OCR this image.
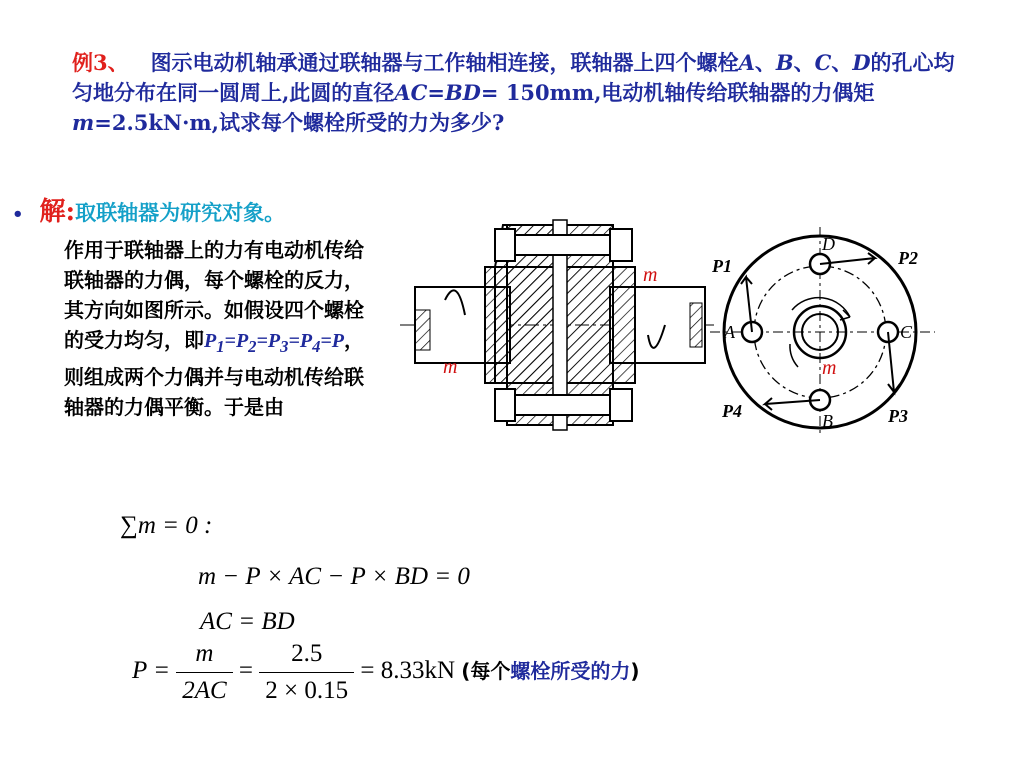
例3、 图示电动机轴承通过联轴器与工作轴相连接，联轴器上四个螺栓A、B、C、D的孔心均匀地分布在同一圆周上,此圆的直径AC=BD= 150mm,电动机轴传给联轴器的力偶矩m=2.5kN·m,试求每个螺栓所受的力为多少?
• 解:取联轴器为研究对象。
作用于联轴器上的力有电动机传给联轴器的力偶，每个螺栓的反力，其方向如图所示。如假设四个螺栓的受力均匀，即$P_1=P_2=P_3=P_4=P$，则组成两个力偶并与电动机传给联轴器的力偶平衡。于是由
∑m = 0 :
m − P × AC − P × BD = 0
AC = BD
$P = \frac{m}{2AC} = \frac{2.5}{2 \times 0.15} = 8.33kN$ (每个螺栓所受的力)
m
m
D
B
A	C
P1	P2
P3
P4
m
